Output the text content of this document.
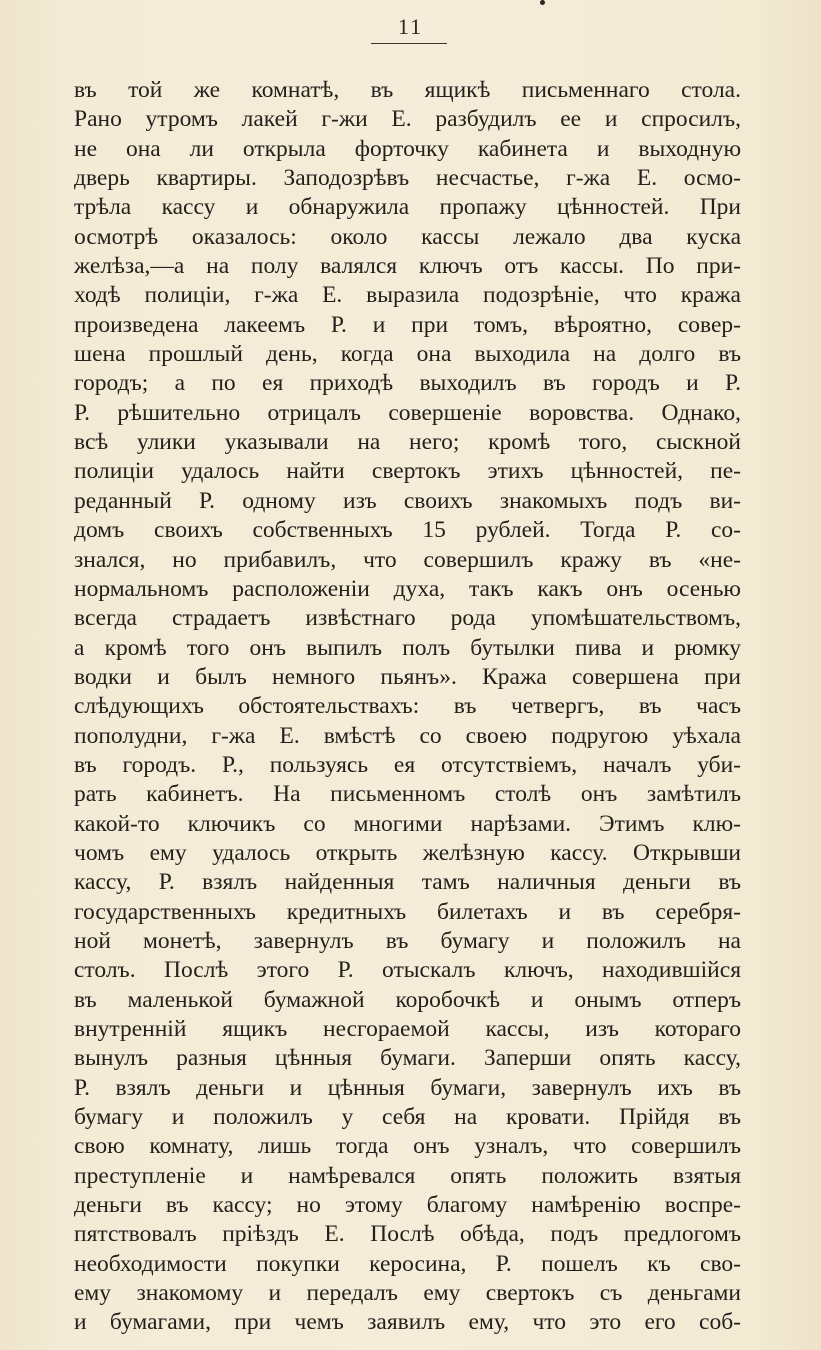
11
въ той же комнатѣ, въ ящикѣ письменнаго стола.
Рано утромъ лакей г-жи Е. разбудилъ ее и спросилъ,
не она ли открыла форточку кабинета и выходную
дверь квартиры. Заподозрѣвъ несчастье, г-жа Е. осмо-
трѣла кассу и обнаружила пропажу цѣнностей. При
осмотрѣ оказалось: около кассы лежало два куска
желѣза,—а на полу валялся ключъ отъ кассы. По при-
ходѣ полиціи, г-жа Е. выразила подозрѣніе, что кража
произведена лакеемъ Р. и при томъ, вѣроятно, совер-
шена прошлый день, когда она выходила на долго въ
городъ; а по ея приходѣ выходилъ въ городъ и Р.
Р. рѣшительно отрицалъ совершеніе воровства. Однако,
всѣ улики указывали на него; кромѣ того, сыскной
полиціи удалось найти свертокъ этихъ цѣнностей, пе-
реданный Р. одному изъ своихъ знакомыхъ подъ ви-
домъ своихъ собственныхъ 15 рублей. Тогда Р. со-
знался, но прибавилъ, что совершилъ кражу въ «не-
нормальномъ расположеніи духа, такъ какъ онъ осенью
всегда страдаетъ извѣстнаго рода упомѣшательствомъ,
а кромѣ того онъ выпилъ полъ бутылки пива и рюмку
водки и былъ немного пьянъ». Кража совершена при
слѣдующихъ обстоятельствахъ: въ четвергъ, въ часъ
пополудни, г-жа Е. вмѣстѣ со своею подругою уѣхала
въ городъ. Р., пользуясь ея отсутствіемъ, началъ уби-
рать кабинетъ. На письменномъ столѣ онъ замѣтилъ
какой-то ключикъ со многими нарѣзами. Этимъ клю-
чомъ ему удалось открыть желѣзную кассу. Открывши
кассу, Р. взялъ найденныя тамъ наличныя деньги въ
государственныхъ кредитныхъ билетахъ и въ серебря-
ной монетѣ, завернулъ въ бумагу и положилъ на
столъ. Послѣ этого Р. отыскалъ ключъ, находившійся
въ маленькой бумажной коробочкѣ и онымъ отперъ
внутренній ящикъ несгораемой кассы, изъ котораго
вынулъ разныя цѣнныя бумаги. Заперши опять кассу,
Р. взялъ деньги и цѣнныя бумаги, завернулъ ихъ въ
бумагу и положилъ у себя на кровати. Прійдя въ
свою комнату, лишь тогда онъ узналъ, что совершилъ
преступленіе и намѣревался опять положить взятыя
деньги въ кассу; но этому благому намѣренію воспре-
пятствовалъ пріѣздъ Е. Послѣ обѣда, подъ предлогомъ
необходимости покупки керосина, Р. пошелъ къ сво-
ему знакомому и передалъ ему свертокъ съ деньгами
и бумагами, при чемъ заявилъ ему, что это его соб-
